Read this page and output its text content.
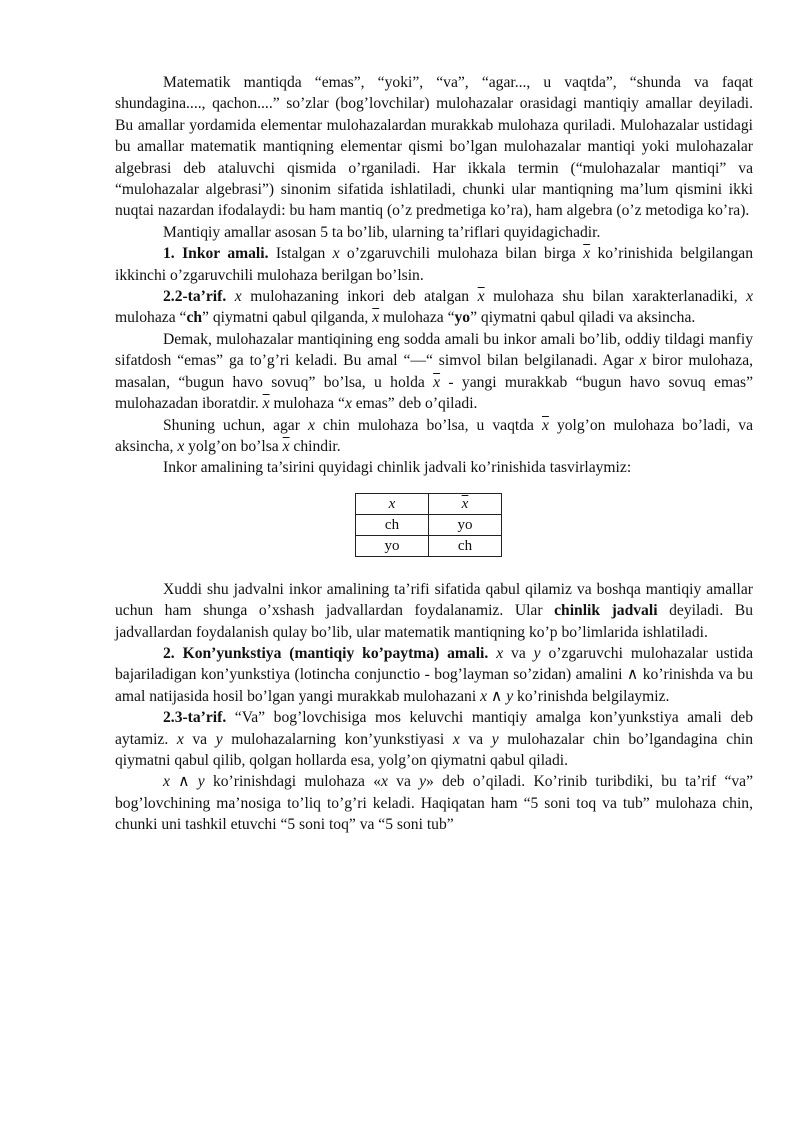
Matematik mantiqda “emas”, “yoki”, “va”, “agar..., u vaqtda”, “shunda va faqat shundagina...., qachon....” so’zlar (bog’lovchilar) mulohazalar orasidagi mantiqiy amallar deyiladi. Bu amallar yordamida elementar mulohazalardan murakkab mulohaza quriladi. Mulohazalar ustidagi bu amallar matematik mantiqning elementar qismi bo’lgan mulohazalar mantiqi yoki mulohazalar algebrasi deb ataluvchi qismida o’rganiladi. Har ikkala termin (“mulohazalar mantiqi” va “mulohazalar algebrasi”) sinonim sifatida ishlatiladi, chunki ular mantiqning ma’lum qismini ikki nuqtai nazardan ifodalaydi: bu ham mantiq (o’z predmetiga ko’ra), ham algebra (o’z metodiga ko’ra).

Mantiqiy amallar asosan 5 ta bo’lib, ularning ta’riflari quyidagichadir.

1. Inkor amali. Istalgan x o’zgaruvchili mulohaza bilan birga $\overline{x}$ ko’rinishida belgilangan ikkinchi o’zgaruvchili mulohaza berilgan bo’lsin.

2.2-ta’rif. x mulohazaning inkori deb atalgan $\overline{x}$ mulohaza shu bilan xarakterlanadiki, x mulohaza “ch” qiymatni qabul qilganda, $\overline{x}$ mulohaza “yo” qiymatni qabul qiladi va aksincha.

Demak, mulohazalar mantiqining eng sodda amali bu inkor amali bo’lib, oddiy tildagi manfiy sifatdosh “emas” ga to’g’ri keladi. Bu amal “—“ simvol bilan belgilanadi. Agar x biror mulohaza, masalan, “bugun havo sovuq” bo’lsa, u holda $\overline{x}$ - yangi murakkab “bugun havo sovuq emas” mulohazadan iboratdir. $\overline{x}$ mulohaza “x emas” deb o’qiladi.

Shuning uchun, agar x chin mulohaza bo’lsa, u vaqtda $\overline{x}$ yolg’on mulohaza bo’ladi, va aksincha, x yolg’on bo’lsa $\overline{x}$ chindir.

Inkor amalining ta’sirini quyidagi chinlik jadvali ko’rinishida tasvirlaymiz:

x	$\overline{x}$
ch	yo
yo	ch

Xuddi shu jadvalni inkor amalining ta’rifi sifatida qabul qilamiz va boshqa mantiqiy amallar uchun ham shunga o’xshash jadvallardan foydalanamiz. Ular chinlik jadvali deyiladi. Bu jadvallardan foydalanish qulay bo’lib, ular matematik mantiqning ko’p bo’limlarida ishlatiladi.

2. Kon’yunkstiya (mantiqiy ko’paytma) amali. x va y o’zgaruvchi mulohazalar ustida bajariladigan kon’yunkstiya (lotincha conjunctio - bog’layman so’zidan) amalini ∧ ko’rinishda va bu amal natijasida hosil bo’lgan yangi murakkab mulohazani x ∧ y ko’rinishda belgilaymiz.

2.3-ta’rif. “Va” bog’lovchisiga mos keluvchi mantiqiy amalga kon’yunkstiya amali deb aytamiz. x va y mulohazalarning kon’yunkstiyasi x va y mulohazalar chin bo’lgandagina chin qiymatni qabul qilib, qolgan hollarda esa, yolg’on qiymatni qabul qiladi.

x ∧ y ko’rinishdagi mulohaza «x va y» deb o’qiladi. Ko’rinib turibdiki, bu ta’rif “va” bog’lovchining ma’nosiga to’liq to’g’ri keladi. Haqiqatan ham “5 soni toq va tub” mulohaza chin, chunki uni tashkil etuvchi “5 soni toq” va “5 soni tub”
